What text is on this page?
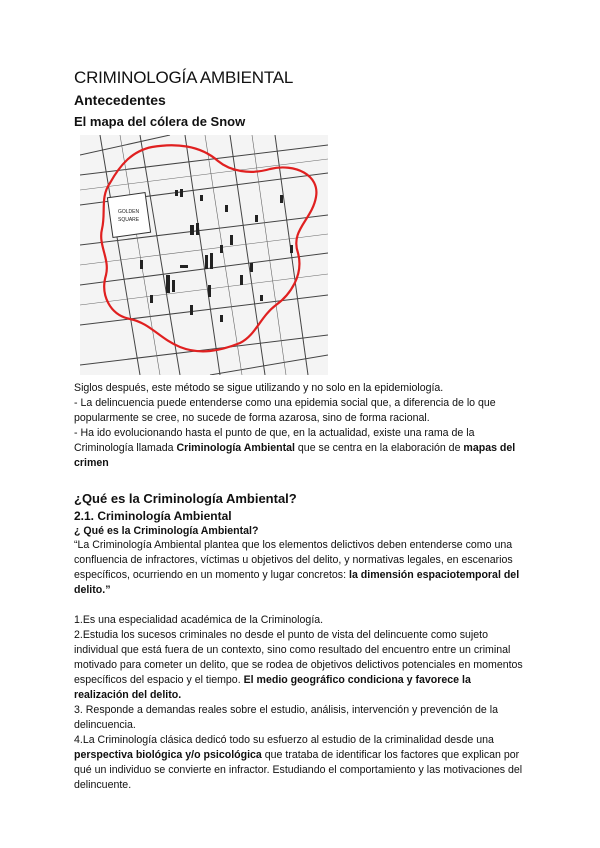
CRIMINOLOGÍA AMBIENTAL
Antecedentes
El mapa del cólera de Snow
GOLDEN
SQUARE

Siglos después, este método se sigue utilizando y no solo en la epidemiología.

- La delincuencia puede entenderse como una epidemia social que, a diferencia de lo que popularmente se cree, no sucede de forma azarosa, sino de forma racional.

- Ha ido evolucionando hasta el punto de que, en la actualidad, existe una rama de la Criminología llamada Criminología Ambiental que se centra en la elaboración de mapas del crimen

¿Qué es la Criminología Ambiental?
2.1. Criminología Ambiental
¿ Qué es la Criminología Ambiental?

“La Criminología Ambiental plantea que los elementos delictivos deben entenderse como una confluencia de infractores, víctimas u objetivos del delito, y normativas legales, en escenarios específicos, ocurriendo en un momento y lugar concretos: la dimensión espaciotemporal del delito.”

1.Es una especialidad académica de la Criminología.

2.Estudia los sucesos criminales no desde el punto de vista del delincuente como sujeto individual que está fuera de un contexto, sino como resultado del encuentro entre un criminal motivado para cometer un delito, que se rodea de objetivos delictivos potenciales en momentos específicos del espacio y el tiempo. El medio geográfico condiciona y favorece la realización del delito.

3. Responde a demandas reales sobre el estudio, análisis, intervención y prevención de la delincuencia.

4.La Criminología clásica dedicó todo su esfuerzo al estudio de la criminalidad desde una perspectiva biológica y/o psicológica que trataba de identificar los factores que explican por qué un individuo se convierte en infractor. Estudiando el comportamiento y las motivaciones del delincuente.
